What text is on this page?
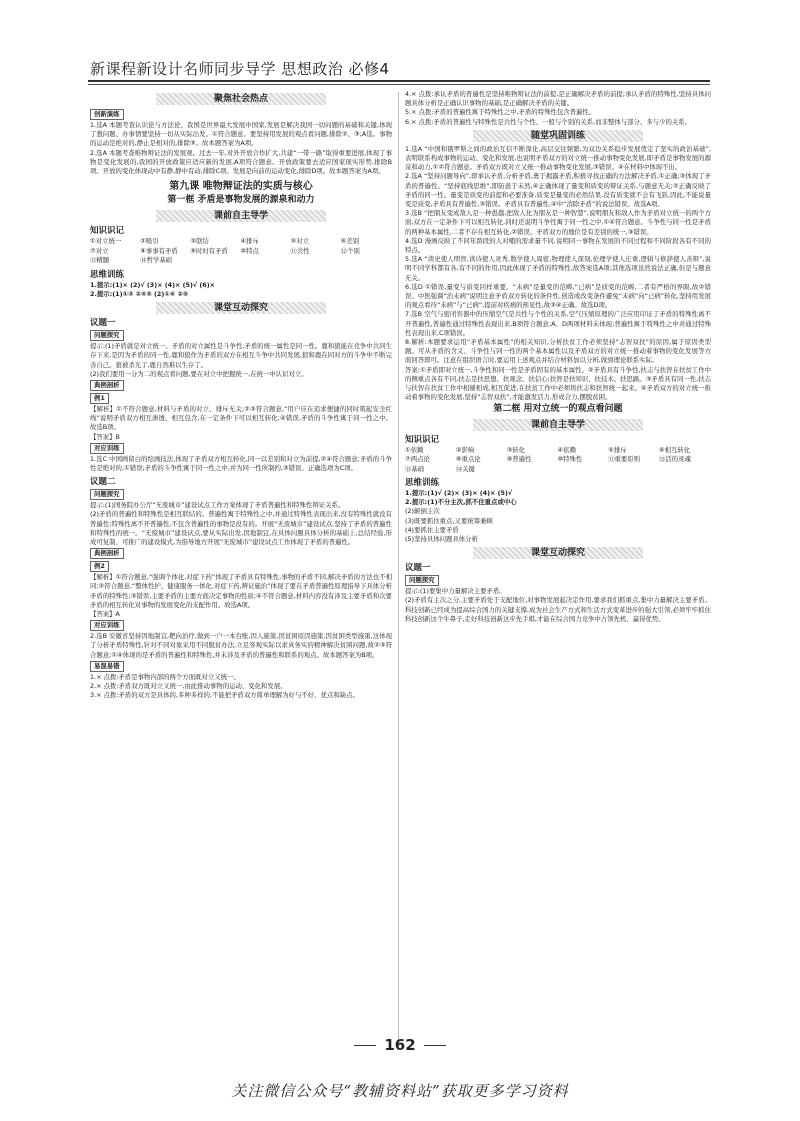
新课程新设计名师同步导学 思想政治 必修4
聚焦社会热点
创新演练

1.选A 本题考查认识论与方法论。我国是世界最大发展中国家,发展是解决我国一切问题的基础和关键,体现了想问题、办事情要坚持一切从实际出发。①符合题意。要坚持用发展的观点看问题,排除②、③;A选。事物的运动是绝对的,静止是相对的,排除③。故本题答案为A项。

2.选A 本题考查唯物辩证法的发展观。过去一年,对外开放合作扩大,共建“一带一路”取得重要进展,体现了事物是变化发展的,我国的开放政策应适应新的发展,A项符合题意。开放政策要去适应国家现实形势,排除B项。开放的变化体现动中有静,静中有动,排除C项。发展是向前的运动变化,排除D项。故本题答案为A项。

第九课 唯物辩证法的实质与核心
第一框 矛盾是事物发展的源泉和动力
课前自主导学
知识识记
①对立统一	②吸引	③联结	④排斥	⑤对立	⑥差别
⑦对立	⑧事事有矛盾	⑨时时有矛盾	⑩特点	⑪共性	⑫个别
⑬精髓	⑭哲学基础
思维训练

1.提示:(1)× (2)√ (3)× (4)× (5)√ (6)×

2.提示:(1)①③ ②④⑤ (2)①④ ②⑤

课堂互动探究
议题一
问题探究

提示:(1)矛盾就是对立统一。矛盾的对立属性是斗争性,矛盾的统一属性是同一性。鹿和狼能在竞争中共同生存下来,是因为矛盾的同一性,鹿和狼作为矛盾的双方在相互斗争中共同发展,狼和鹿在同对方的斗争中不断完善自己。狼被杀光了,鹿自然难以生存了。

(2)我们要用一分为二的观点看问题,要在对立中把握统一,在统一中认识对立。

典例剖析
例1

【解析】①不符合题意,材料与矛盾的对立、排斥无关;②③符合题意,“用户应在追求便捷的同时筑起安全红线”说明矛盾双方相互渗透、相互包含,在一定条件下可以相互转化;④错误,矛盾的斗争性寓于同一性之中。故选B项。

【答案】B

对应训练

1.选C 中国画留白的绘画技法,体现了矛盾双方相互转化,同一以差别和对立为前提,②④符合题意;矛盾的斗争性是绝对的,①错误;矛盾的斗争性寓于同一性之中,并为同一性所制约,③错误。正确选项为C项。

议题二
问题探究

提示:(1)国务院办公厅“无废城市”建设试点工作方案体现了矛盾普遍性和特殊性辩证关系。

(2)矛盾的普遍性和特殊性是相互联结的。普遍性寓于特殊性之中,并通过特殊性表现出来,没有特殊性就没有普遍性;特殊性离不开普遍性,不包含普遍性的事物是没有的。开展“无废城市”建设试点,坚持了矛盾的普遍性和特殊性的统一。“无废城市”建设试点,要从实际出发,因地制宜,在具体问题具体分析的基础上,总结经验,形成可复制、可推广的建设模式,为指导地方开展“无废城市”建设试点工作体现了矛盾的普遍性。

典例剖析
例2

【解析】①符合题意,“强调个体化,对症下药”体现了矛盾具有特殊性,事物的矛盾不同,解决矛盾的方法也不相同;②符合题意,“整体性护、健康服务一体化,对症下药,辨证施治”体现了要在矛盾普遍性原理指导下具体分析矛盾的特殊性;③错误,主要矛盾的主要方面决定事物的性质;④不符合题意,材料内容没有涉及主要矛盾和次要矛盾的相互转化对事物的发展变化的支配作用。故选A项。

【答案】A

对应训练

2.选B 安徽省坚持因地制宜,靶向治疗,做到一户一本台账,因人施策,因贫困原因施策,因贫困类型施策,这体现了分析矛盾特殊性,针对不同对象采用不同脱贫办法,立足客观实际以求真务实的精神解决贫困问题,故②③符合题意;①④体现的是矛盾的普遍性和特殊性,并未涉及矛盾的普遍性和联系的观点。故本题答案为B项。

易混易错

1.× 点拨:矛盾是事物内部的两个方面既对立又统一。

2.× 点拨:矛盾双方既对立又统一,由此推动事物的运动、变化和发展。

3.× 点拨:矛盾的双方是具体的,多种多样的,不能把矛盾双方简单理解为好与不好、优点和缺点。

4.× 点拨:承认矛盾的普遍性是坚持唯物辩证法的前提,是正确解决矛盾的前提;承认矛盾的特殊性,坚持具体问题具体分析是正确认识事物的基础,是正确解决矛盾的关键。

5.× 点拨:矛盾的普遍性寓于特殊性之中,矛盾的特殊性包含普遍性。

6.× 点拨:矛盾的普遍性与特殊性是共性与个性、一般与个别的关系,而非整体与部分、多与少的关系。

随堂巩固训练

1.选A “中国和俄罗斯之间的政治互信不断深化,高层交往频繁,为双边关系稳步发展奠定了坚实的政治基础”,表明联系构成事物的运动、变化和发展,也说明矛盾双方的对立统一推动事物变化发展,即矛盾是事物发展的源泉和动力,①②符合题意。矛盾双方既对立又统一推动事物变化发展,③错误。④在材料中体现不出。

2.选A “坚持问题导向”,即承认矛盾,分析矛盾,勇于揭露矛盾,积极寻找正确的方法解决矛盾,①正确;③体现了矛盾的普遍性。“坚持底线思维”,即防患于未然,④正确体现了量变和质变的辩证关系,与题意无关;②正确反映了矛盾的同一性。量变是质变的前提和必要准备,质变是量变的必然结果,没有质变就不会有飞跃,因此,不能说量变是质变,矛盾具有普遍性,③错误。矛盾具有普遍性,④中“消除矛盾”的说法错误。故选A项。

3.选B “把朋友变成敌人是一种愚蠢,把敌人化为朋友是一种智慧”,说明朋友和敌人作为矛盾对立统一的两个方面,双方在一定条件下可以相互转化,同时还说明斗争性寓于同一性之中,①④符合题意。斗争性与同一性是矛盾的两种基本属性,二者不存在相互转化,②错误。矛盾双方的地位是有差别的统一,③错误。

4.选D 漫画反映了不同年龄段的人对哺的需求量不同,说明同一事物在发展的不同过程和不同阶段各有不同的特点。

5.选A “读史使人明智,读诗使人灵秀,数学使人周密,物理使人深刻,伦理学使人庄重,逻辑与修辞使人善辩”,说明不同学科都有各,有不同的作用,因此体现了矛盾的特殊性,故答案选A项;其他选项虽然说法正确,但是与题意无关。

6.选D ①错误,量变与质变同样重要。“未病”是量变的范畴,“已病”是质变的范畴,二者有严格的界限,故②错误。中医强调“治未病”说明注意矛盾双方转化的条件性,创造或改变条件避免“未病”向“已病”转化,坚持用发展的观点看待“未病”与“已病”,提前对疾病的预见性,故③④正确。故选D项。

7.选B 空气与密闭容器中的压缩空气是共性与个性的关系,空气压缩原理的广泛应用印证了矛盾的特殊性离不开普遍性,普遍性通过特殊性表现出来,B项符合题意;A、D两项材料未体现;普遍性寓于特殊性之中并通过特殊性表现出来,C项错误。

8.解析:本题要求运用“矛盾基本属性”的相关知识,分析扶贫工作必须坚持“志智双扶”的原因,属于原因类型题。可从矛盾的含义、斗争性与同一性的两个基本属性以及矛盾双方的对立统一推动着事物的变化发展等方面回答即可。注意在组织语言时,要运用上述观点并结合材料加以分析,做到理论联系实际。

答案:①矛盾即对立统一,斗争性和同一性是矛盾固有的基本属性。②矛盾具有斗争性,扶志与扶智在扶贫工作中的侧重点各有不同,扶志是扶思想、扶观念、扶信心;扶智是扶知识、扶技术、扶思路。③矛盾具有同一性,扶志与扶智在扶贫工作中相辅相成,相互促进,在扶贫工作中必须将扶志和扶智统一起来。④矛盾双方的对立统一推动着事物的变化发展,坚持“志智双扶”,才能激发活力,形成合力,摆脱贫困。

第二框 用对立统一的观点看问题
课前自主导学
知识识记
①依赖	②影响	③转化	④依赖	⑤排斥	⑥相互转化
⑦两点论	⑧重点论	⑨普遍性	⑩特殊性	⑪重要原则	⑫活的灵魂
⑬基础	⑭关键
思维训练

1.提示:(1)√ (2)× (3)× (4)× (5)√

2.提示:(1)不分主次,抓不住重点或中心

(2)颠倒主次

(3)既要抓住重点,又要统筹兼顾

(4)要抓住主要矛盾

(5)坚持具体问题具体分析

课堂互动探究
议题一
问题探究

提示:(1)要集中力量解决主要矛盾。

(2)矛盾有主次之分,主要矛盾处于支配地位,对事物发展起决定作用,要求我们抓重点,集中力量解决主要矛盾。科技创新已经成为提高综合国力的关键支撑,成为社会生产方式和生活方式变革进步的强大引领,必须牢牢抓住科技创新这个牛鼻子,走好科技创新这步先手棋,才能在综合国力竞争中占领先机、赢得优势。

162
关注微信公众号“教辅资料站”获取更多学习资料
